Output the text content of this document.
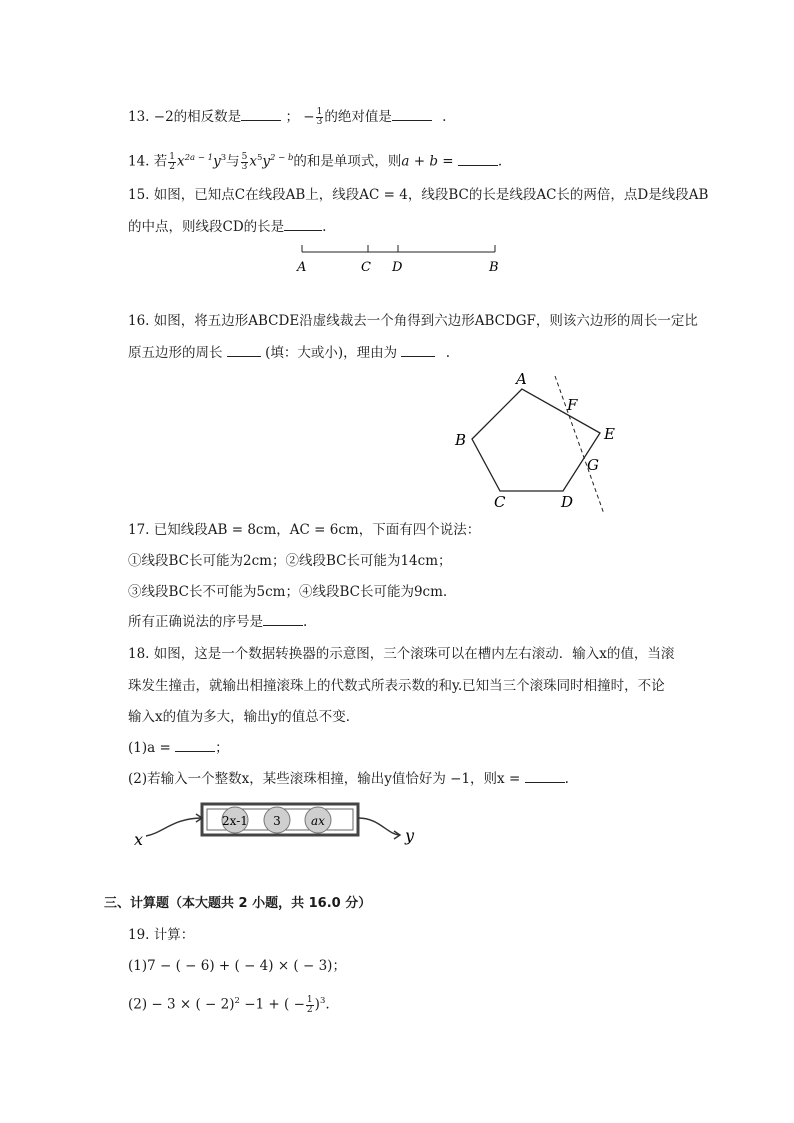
13. −2的相反数是	； − $\frac{1}{3}$ 的绝对值是	.
14. 若 $\frac{1}{2} x^{2a - 1}y^3$与 $\frac{5}{3} x^5y^{2 - b}$的和是单项式，则a + b =	.
15. 如图，已知点C在线段AB上，线段AC = 4，线段BC的长是线段AC长的两倍，点D是线段AB
的中点，则线段CD的长是	.
A	C D	B
16. 如图，将五边形ABCDE沿虚线裁去一个角得到六边形ABCDGF，则该六边形的周长一定比
原五边形的周长	(填：大或小)，理由为	.
A
B
C	D
E
F
G
17. 已知线段AB = 8cm，AC = 6cm，下面有四个说法：
①线段BC长可能为2cm；②线段BC长可能为14cm；
③线段BC长不可能为5cm；④线段BC长可能为9cm.
所有正确说法的序号是	.
18. 如图，这是一个数据转换器的示意图，三个滚珠可以在槽内左右滚动．输入x的值，当滚
珠发生撞击，就输出相撞滚珠上的代数式所表示数的和y.已知当三个滚珠同时相撞时，不论
输入x的值为多大，输出y的值总不变．
(1)a =	；
(2)若输入一个整数x，某些滚珠相撞，输出y值恰好为 −1，则x =	.
2x-1 3	ax
x	y
三、计算题（本大题共 2 小题，共 16.0 分）
19. 计算：
(1)7 − ( − 6) + ( − 4) × ( − 3)；
(2) − 3 × ( − 2)$^2$ −1 + ( − $\frac{1}{2} )^3$.
